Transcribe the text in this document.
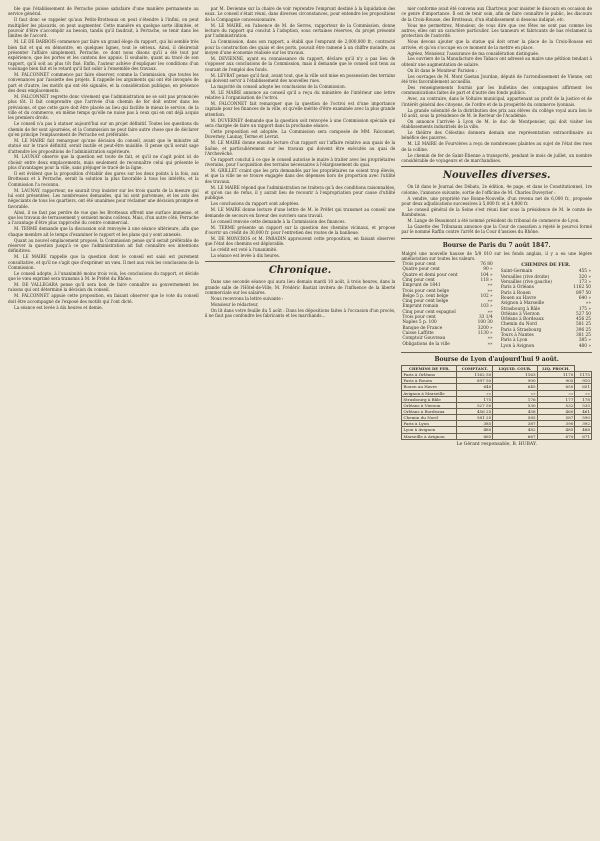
ble que l'établissement de Perrache puisse satisfaire d'une manière permanente au service général.

Il faut donc se rappeler qu'aux Petits-Brotteaux on peut s'étendre à l'infini, on peut multiplier les placards, on peut augmenter. Cette manière en quelque sorte illimitée, et pouvoir d'être s'accomplir au besoin, tandis qu'il faudrait, à Perrache, se tenir dans les limites de l'accord.

M. LE DE BARBOIS commence par faire un grand éloge du rapport, qui lui semble très bien fait et qui en démontre, en quelques lignes, tout le sérieux. Ainsi, il désirerait présenter l'affaire simplement, Perrache, ce dont nous disons qu'il a été tout par expérience, que les portes et les cantons des appuis. Il souhaite, quant au tracé de son rapport, qu'il soit au plus tôt fixé. Enfin, l'auteur achève d'expliquer les conditions d'un voisinage bien fait et le retard qu'il fait subir à l'ensemble des travaux.

M. FALCONNET commence par faire observer, comme la Commission, que toutes les convenances par l'assiette des projets. Il rappelle les arguments qui ont été invoqués de part et d'autre, les motifs qui ont été signalés, et la considération publique, en présence des deux emplacements.

M. FALCONNET regrette donc vivement que l'administration ne se soit pas prononcée plus tôt. Il fait comprendre que l'arrivée d'un chemin de fer doit entrer dans les prévisions, et que cette gare doit être placée au lieu qui facilite le mieux le service, de la ville et du commerce, en même temps qu'elle ne nuise pas à ceux qui en ont déjà acquis les premiers droits.

Le conseil n'a pas à statuer aujourd'hui sur un projet définitif. Toutes les questions du chemin de fer sont ajournées, et la Commission ne peut faire autre chose que de déclarer qu'en principe l'emplacement de Perrache est préférable.

M. LE MAIRE fait remarquer qu'une décision du conseil, avant que le ministre ait statué sur le tracé définitif, serait inutile et peut-être nuisible. Il pense qu'il serait sage d'attendre les propositions de l'administration supérieure.

M. LAUNAY observe que la question est toute de fait, et qu'il ne s'agit point ici de choisir entre deux emplacements, mais seulement de reconnaître celui qui présente le plus d'avantages pour la ville, sans préjuger le tracé de la ligne.

Il est évident que la proposition d'établir des gares sur les deux points à la fois, aux Brotteaux et à Perrache, serait la solution la plus favorable à tous les intérêts, et la Commission l'a reconnu.

M. LAUNAY, rapporteur, ne saurait trop insister sur les trois quarts de la mesure qui lui sont présentées. Les nombreuses demandes, qui lui sont parvenues, et les avis des négociants de tous les quartiers, ont été unanimes pour réclamer une décision prompte et favorable.

Ainsi, il ne faut pas perdre de vue que les Brotteaux offrent une surface immense, et que les travaux de terrassement y seraient moins coûteux. Mais, d'un autre côté, Perrache a l'avantage d'être plus rapproché du centre commercial.

M. TERME demande que la discussion soit renvoyée à une séance ultérieure, afin que chaque membre ait le temps d'examiner le rapport et les plans qui y sont annexés.

Quant au nouvel emplacement proposé, la Commission pense qu'il serait préférable de réserver la question jusqu'à ce que l'administration ait fait connaître ses intentions définitives.

M. LE MAIRE rappelle que la question dont le conseil est saisi est purement consultative, et qu'il ne s'agit que d'exprimer un vœu. Il met aux voix les conclusions de la Commission.

Le conseil adopte, à l'unanimité moins trois voix, les conclusions du rapport, et décide que le vœu exprimé sera transmis à M. le Préfet du Rhône.

M. DE VALLEGARA pense qu'il sera bon de faire connaître au gouvernement les raisons qui ont déterminé la décision du conseil.

M. FALCONNET appuie cette proposition, en faisant observer que le vote du conseil doit être accompagné de l'exposé des motifs qui l'ont dicté.

La séance est levée à dix heures et demie.

par M. Devienne sur la chaire de voir reprendre l'emprunt destiné à la liquidation des eaux. Le conseil s'était réuni, dans diverses circonstances, pour entendre les propositions de la Compagnie concessionnaire.

M. LE MAIRE, en l'absence de M. de Serres, rapporteur de la Commission, donne lecture du rapport qui conclut à l'adoption, sous certaines réserves, du projet présenté par l'administration.

La Commission, dans son rapport, a établi que l'emprunt de 2,000,000 fr., contracté pour la construction des quais et des ports, pouvait être ramené à un chiffre moindre, au moyen d'une économie réalisée sur les travaux.

M. DEVIENNE, ayant eu connaissance du rapport, déclare qu'il n'y a pas lieu de s'opposer aux conclusions de la Commission, mais il demande que le conseil soit tenu au courant de l'emploi des fonds.

M. LEVRAT pense qu'il faut, avant tout, que la ville soit mise en possession des terrains qui doivent servir à l'établissement des nouvelles rues.

La majorité du conseil adopte les conclusions de la Commission.

M. LE MAIRE annonce au conseil qu'il a reçu du ministère de l'intérieur une lettre relative à l'organisation de l'octroi.

M. FALCONNET fait remarquer que la question de l'octroi est d'une importance capitale pour les finances de la ville, et qu'elle mérite d'être examinée avec la plus grande attention.

M. DUVERNEY demande que la question soit renvoyée à une Commission spéciale qui sera chargée de faire un rapport dans la prochaine séance.

Cette proposition est adoptée. La Commission sera composée de MM. Falconnet, Duverney, Launay, Terme et Levrat.

M. LE MAIRE donne ensuite lecture d'un rapport sur l'affaire relative aux quais de la Saône, et particulièrement sur les travaux qui doivent être exécutés au quai de l'Archevêché.

Ce rapport conclut à ce que le conseil autorise le maire à traiter avec les propriétaires riverains, pour l'acquisition des terrains nécessaires à l'élargissement du quai.

M. GRILLET craint que les prix demandés par les propriétaires ne soient trop élevés, et que la ville ne se trouve engagée dans des dépenses hors de proportion avec l'utilité des travaux.

M. LE MAIRE répond que l'administration ne traitera qu'à des conditions raisonnables, et qu'en cas de refus, il y aurait lieu de recourir à l'expropriation pour cause d'utilité publique.

Les conclusions du rapport sont adoptées.

M. LE MAIRE donne lecture d'une lettre de M. le Préfet qui transmet au conseil une demande de secours en faveur des ouvriers sans travail.

Le conseil renvoie cette demande à la Commission des finances.

M. TERME présente un rapport sur la question des chemins vicinaux, et propose d'ouvrir un crédit de 30,000 fr. pour l'entretien des routes de la banlieue.

M. DE MONCROS et M. PARADIN approuvent cette proposition, en faisant observer que l'état des chemins est déplorable.

Le crédit est voté à l'unanimité.

La séance est levée à dix heures.

Chronique.

Dans une seconde séance qui aura lieu demain mardi 10 août, à trois heures, dans la grande salle de l'Hôtel-de-Ville, M. Frédéric Bastiat invitera de l'influence de la liberté commerciale sur les salaires.

Nous recevrons la lettre suivante :

Monsieur le rédacteur,

On lit dans votre feuille du 5 août : Dans les dépositions faites à l'occasion d'un procès, il ne faut pas confondre les fabricants et les marchands...

nier conforme avait été convenu aux Chartreux pour insister le discours en occasion de ce genre d'importance. Il est de tenir soin, afin de faire connaître le public, les discours de la Croix-Rousse, des Brotteaux, d'un établissement si dessous indiqué, etc.

Vous me permettrez, Monsieur, de vous dire que ces fêtes ne sont pas comme les autres; elles ont un caractère particulier. Les tanneurs et fabricants de bas réclament la protection de l'autorité.

Nous devons ajouter que la statue qui doit orner la place de la Croix-Rousse est arrivée, et qu'on s'occupe en ce moment de la mettre en place.

Agréez, Monsieur, l'assurance de ma considération distinguée.

Les ouvriers de la Manufacture des Tabacs ont adressé au maire une pétition tendant à obtenir une augmentation de salaire.

On lit dans le Moniteur Parisien :

Les ouvrages de M. Mont Gaetan Jourdan, député de l'arrondissement de Vienne, ont été très favorablement accueillis.

Des renseignements fournis par les bulletins des compagnies affirment les communications faites de part et d'autre des fonds publics.

Avec, au contraire, dans le Voltaire municipal, appartenant au profit de la justice et de l'intérêt général des citoyens, de l'ordre et de la prospérité du commerce lyonnais.

La grande solennité de la distribution des prix aux élèves du collège royal aura lieu le 16 août, sous la présidence de M. le Recteur de l'Académie.

On annonce l'arrivée à Lyon de M. le duc de Montpensier, qui doit visiter les établissements industriels de la ville.

Le théâtre des Célestins donnera demain une représentation extraordinaire au bénéfice des pauvres.

M. LE MAIRE de Fourvières a reçu de nombreuses plaintes au sujet de l'état des rues de la colline.

Le chemin de fer de Saint-Étienne a transporté, pendant le mois de juillet, un nombre considérable de voyageurs et de marchandises.

Nouvelles diverses.

On lit dans le Journal des Débats, 2e édition, 4e page, et dans le Constitutionnel, 1re colonne, l'annonce suivante, sortie de l'officine de M. Charles Duveyrier :

A vendre, une propriété rue Bonne-Nouvelle, d'un revenu net de 6,000 fr., proposée pour deux adjudications successives à 5,000 fr. et à 4,800 fr.

Le conseil général de la Seine s'est réuni hier sous la présidence de M. le comte de Rambuteau.

M. Lange de Beaumont a été nommé président du tribunal de commerce de Lyon.

La Gazette des Tribunaux annonce que la Cour de cassation a rejeté le pourvoi formé par le nommé Raffin contre l'arrêt de la Cour d'assises du Rhône.

Bourse de Paris du 7 août 1847.

Malgré une nouvelle hausse de 5/8 010 sur les fonds anglais, il y a eu une légère amélioration sur toutes les valeurs.

Trois pour cent	76 80
Quatre pour cent	90 »
Quatre et demi pour cent	104 »
Cinq pour cent	118 »
Emprunt de 1841	»»
Trois pour cent belge	»»
Belge 5 p. cent belge	102 »
Cinq pour cent belge	»»
Emprunt romain	103 »
Cinq pour cent espagnol	»»
Trois pour cent	33 1/4
Naples 5 p. 100	100 30
Banque de France	3200 »
Caisse Laffitte	1130 »
Comptoir Gouvreau	»»
Obligations de la ville	»»
CHEMINS DE FER.
Saint-Germain	455 »
Versailles (rive droite)	320 »
Versailles (rive gauche)	173 »
Paris à Orléans	1162 50
Paris à Rouen	897 50
Rouen au Havre	640 »
Avignon à Marseille	»»
Strasbourg à Bâle	175 »
Orléans à Vierzon	527 50
Orléans à Bordeaux	456 25
Chemin du Nord	581 25
Paris à Strasbourg	396 25
Tours à Nantes	381 25
Paris à Lyon	385 »
Lyon à Avignon	480 »
Bourse de Lyon d'aujourd'hui 9 août.
CHEMINS DE FER.	COMPTANT.	LIQUID. COUR.	LIQ. PROCH.	
Paris à Orléans	1162 50	1163	1170	1175
Paris à Rouen	897 50	900	905	910
Rouen au Havre	640	645	650	651
Avignon à Marseille	»»	»»	»»	»»
Strasbourg à Bâle	175	176	177	178
Orléans à Vierzon	527 50	530	532	535
Orléans à Bordeaux	456 25	458	460	461
Chemin du Nord	581 25	585	587	590
Paris à Lyon	385	387	390	392
Lyon à Avignon	480	482	485	488
Marseille à Avignon	665	667	670	671
Le Gérant responsable, B. HUBAY.
